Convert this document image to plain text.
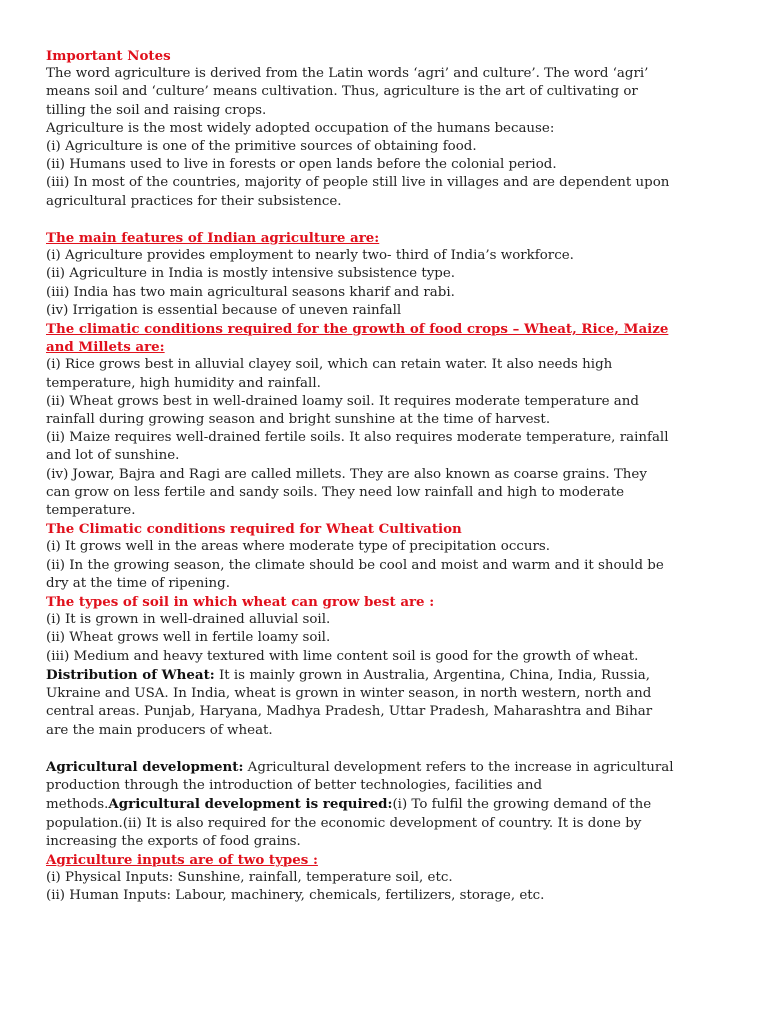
Important Notes
The word agriculture is derived from the Latin words ‘agri’ and culture’. The word ‘agri’
means soil and ‘culture’ means cultivation. Thus, agriculture is the art of cultivating or
tilling the soil and raising crops.
Agriculture is the most widely adopted occupation of the humans because:
(i) Agriculture is one of the primitive sources of obtaining food.
(ii) Humans used to live in forests or open lands before the colonial period.
(iii) In most of the countries, majority of people still live in villages and are dependent upon
agricultural practices for their subsistence.
The main features of Indian agriculture are:
(i) Agriculture provides employment to nearly two- third of India’s workforce.
(ii) Agriculture in India is mostly intensive subsistence type.
(iii) India has two main agricultural seasons kharif and rabi.
(iv) Irrigation is essential because of uneven rainfall
The climatic conditions required for the growth of food crops – Wheat, Rice, Maize
and Millets are:
(i) Rice grows best in alluvial clayey soil, which can retain water. It also needs high
temperature, high humidity and rainfall.
(ii) Wheat grows best in well-drained loamy soil. It requires moderate temperature and
rainfall during growing season and bright sunshine at the time of harvest.
(ii) Maize requires well-drained fertile soils. It also requires moderate temperature, rainfall
and lot of sunshine.
(iv) Jowar, Bajra and Ragi are called millets. They are also known as coarse grains. They
can grow on less fertile and sandy soils. They need low rainfall and high to moderate
temperature.
The Climatic conditions required for Wheat Cultivation
(i) It grows well in the areas where moderate type of precipitation occurs.
(ii) In the growing season, the climate should be cool and moist and warm and it should be
dry at the time of ripening.
The types of soil in which wheat can grow best are :
(i) It is grown in well-drained alluvial soil.
(ii) Wheat grows well in fertile loamy soil.
(iii) Medium and heavy textured with lime content soil is good for the growth of wheat.
Distribution of Wheat: It is mainly grown in Australia, Argentina, China, India, Russia,
Ukraine and USA. In India, wheat is grown in winter season, in north western, north and
central areas. Punjab, Haryana, Madhya Pradesh, Uttar Pradesh, Maharashtra and Bihar
are the main producers of wheat.
Agricultural development: Agricultural development refers to the increase in agricultural
production through the introduction of better technologies, facilities and
methods.Agricultural development is required:(i) To fulfil the growing demand of the
population.(ii) It is also required for the economic development of country. It is done by
increasing the exports of food grains.
Agriculture inputs are of two types :
(i) Physical Inputs: Sunshine, rainfall, temperature soil, etc.
(ii) Human Inputs: Labour, machinery, chemicals, fertilizers, storage, etc.
